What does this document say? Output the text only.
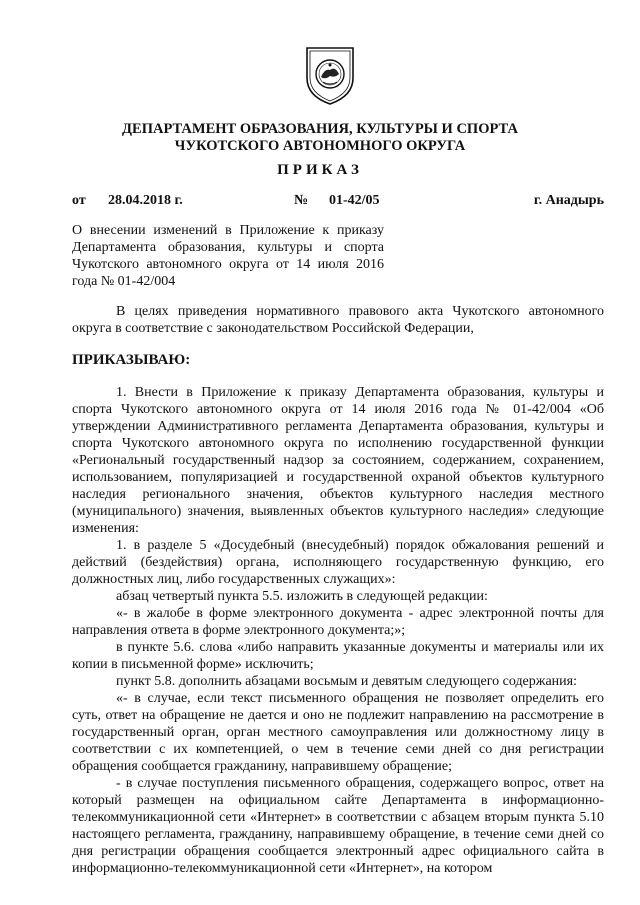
ДЕПАРТАМЕНТ ОБРАЗОВАНИЯ, КУЛЬТУРЫ И СПОРТА
ЧУКОТСКОГО АВТОНОМНОГО ОКРУГА
ПРИКАЗ
от 28.04.2018 г.	№ 01-42/05	г. Анадырь
О внесении изменений в Приложение к приказу Департамента образования, культуры и спорта Чукотского автономного округа от 14 июля 2016 года № 01-42/004
В целях приведения нормативного правового акта Чукотского автономного округа в соответствие с законодательством Российской Федерации,
ПРИКАЗЫВАЮ:

1. Внести в Приложение к приказу Департамента образования, культуры и спорта Чукотского автономного округа от 14 июля 2016 года № 01-42/004 «Об утверждении Административного регламента Департамента образования, культуры и спорта Чукотского автономного округа по исполнению государственной функции «Региональный государственный надзор за состоянием, содержанием, сохранением, использованием, популяризацией и государственной охраной объектов культурного наследия регионального значения, объектов культурного наследия местного (муниципального) значения, выявленных объектов культурного наследия» следующие изменения:

1. в разделе 5 «Досудебный (внесудебный) порядок обжалования решений и действий (бездействия) органа, исполняющего государственную функцию, его должностных лиц, либо государственных служащих»:

абзац четвертый пункта 5.5. изложить в следующей редакции:

«- в жалобе в форме электронного документа - адрес электронной почты для направления ответа в форме электронного документа;»;

в пункте 5.6. слова «либо направить указанные документы и материалы или их копии в письменной форме» исключить;

пункт 5.8. дополнить абзацами восьмым и девятым следующего содержания:

«- в случае, если текст письменного обращения не позволяет определить его суть, ответ на обращение не дается и оно не подлежит направлению на рассмотрение в государственный орган, орган местного самоуправления или должностному лицу в соответствии с их компетенцией, о чем в течение семи дней со дня регистрации обращения сообщается гражданину, направившему обращение;

- в случае поступления письменного обращения, содержащего вопрос, ответ на который размещен на официальном сайте Департамента в информационно-телекоммуникационной сети «Интернет» в соответствии с абзацем вторым пункта 5.10 настоящего регламента, гражданину, направившему обращение, в течение семи дней со дня регистрации обращения сообщается электронный адрес официального сайта в информационно-телекоммуникационной сети «Интернет», на котором
